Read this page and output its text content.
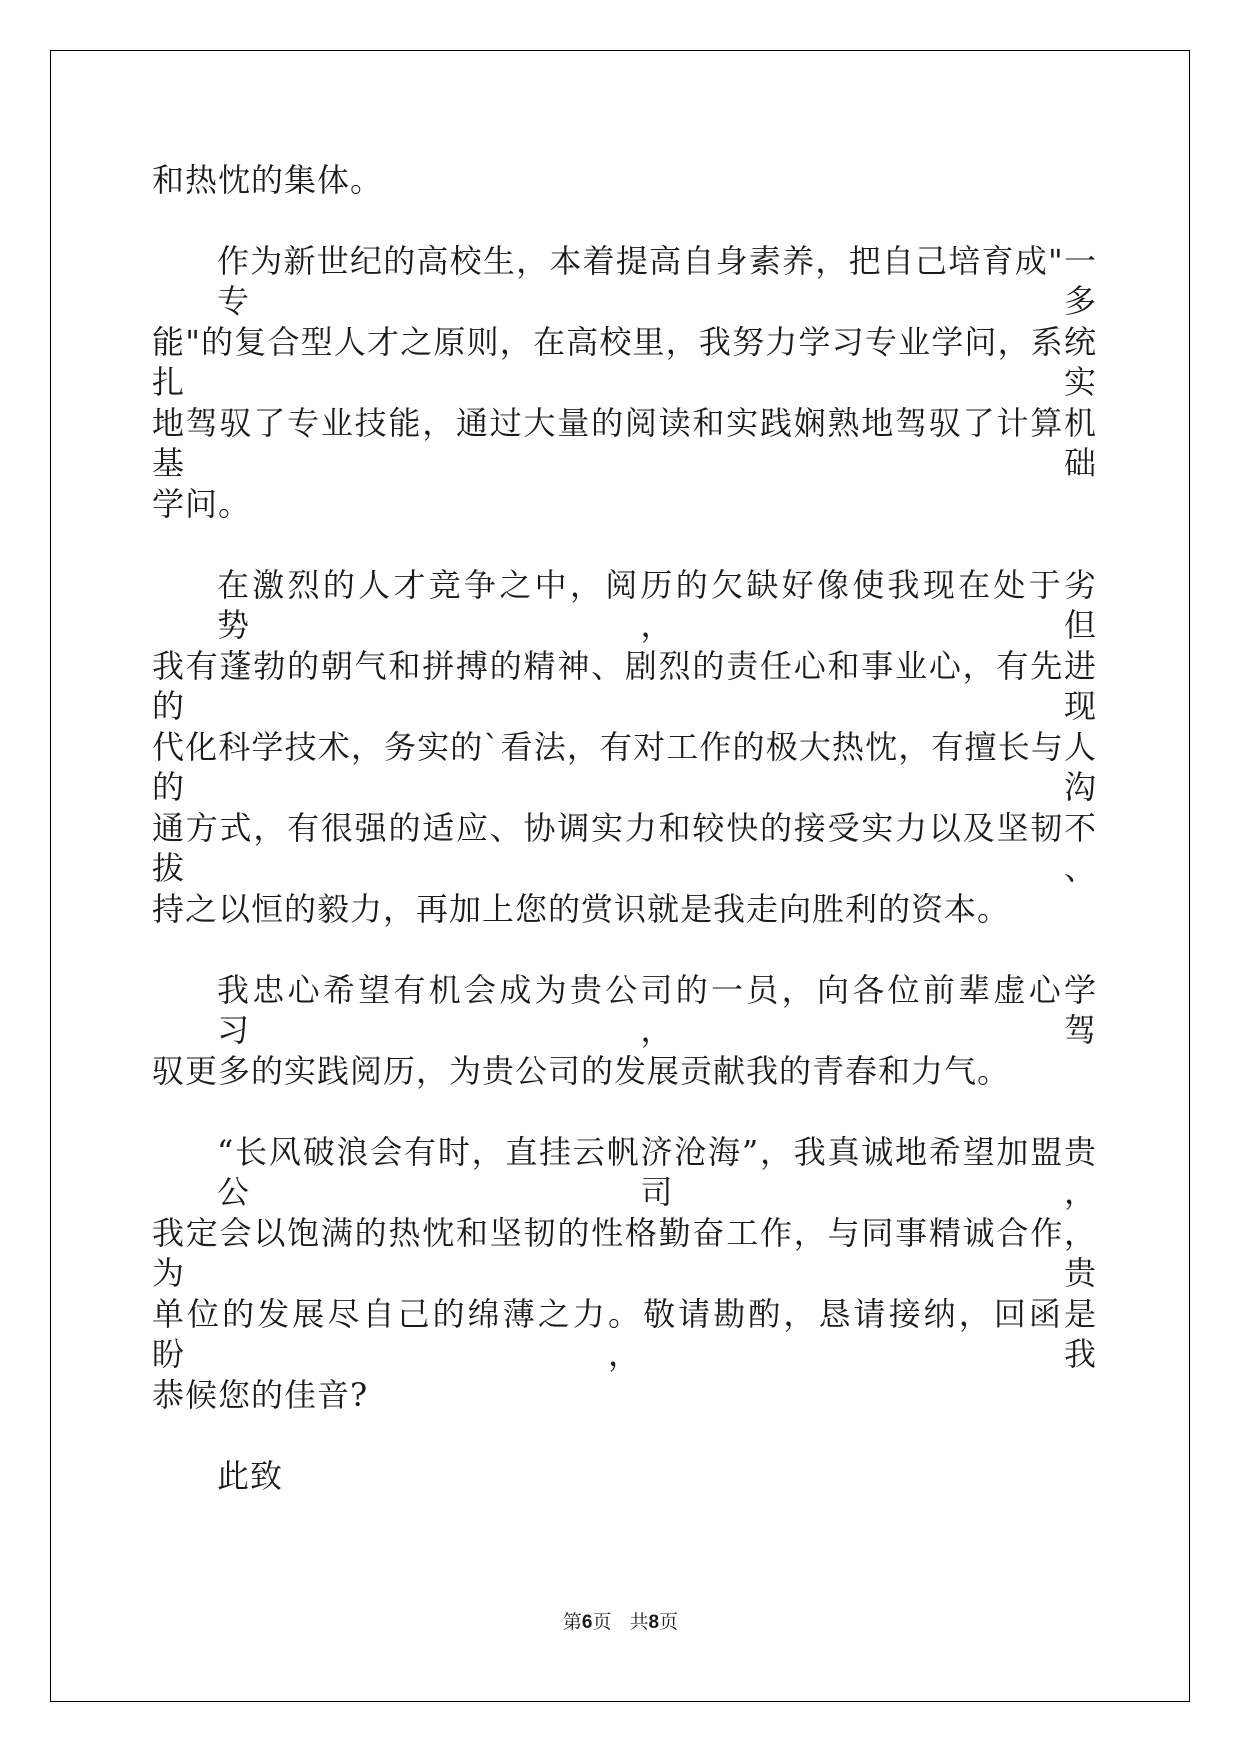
和热忱的集体。
作为新世纪的高校生，本着提高自身素养，把自己培育成"一专多
能"的复合型人才之原则，在高校里，我努力学习专业学问，系统扎实
地驾驭了专业技能，通过大量的阅读和实践娴熟地驾驭了计算机基础
学问。
在激烈的人才竞争之中，阅历的欠缺好像使我现在处于劣势，但
我有蓬勃的朝气和拼搏的精神、剧烈的责任心和事业心，有先进的现
代化科学技术，务实的`看法，有对工作的极大热忱，有擅长与人的沟
通方式，有很强的适应、协调实力和较快的接受实力以及坚韧不拔、
持之以恒的毅力，再加上您的赏识就是我走向胜利的资本。
我忠心希望有机会成为贵公司的一员，向各位前辈虚心学习，驾
驭更多的实践阅历，为贵公司的发展贡献我的青春和力气。
“长风破浪会有时，直挂云帆济沧海”，我真诚地希望加盟贵公司，
我定会以饱满的热忱和坚韧的性格勤奋工作，与同事精诚合作，为贵
单位的发展尽自己的绵薄之力。敬请勘酌，恳请接纳，回函是盼，我
恭候您的佳音?
此致
第6页 共8页
